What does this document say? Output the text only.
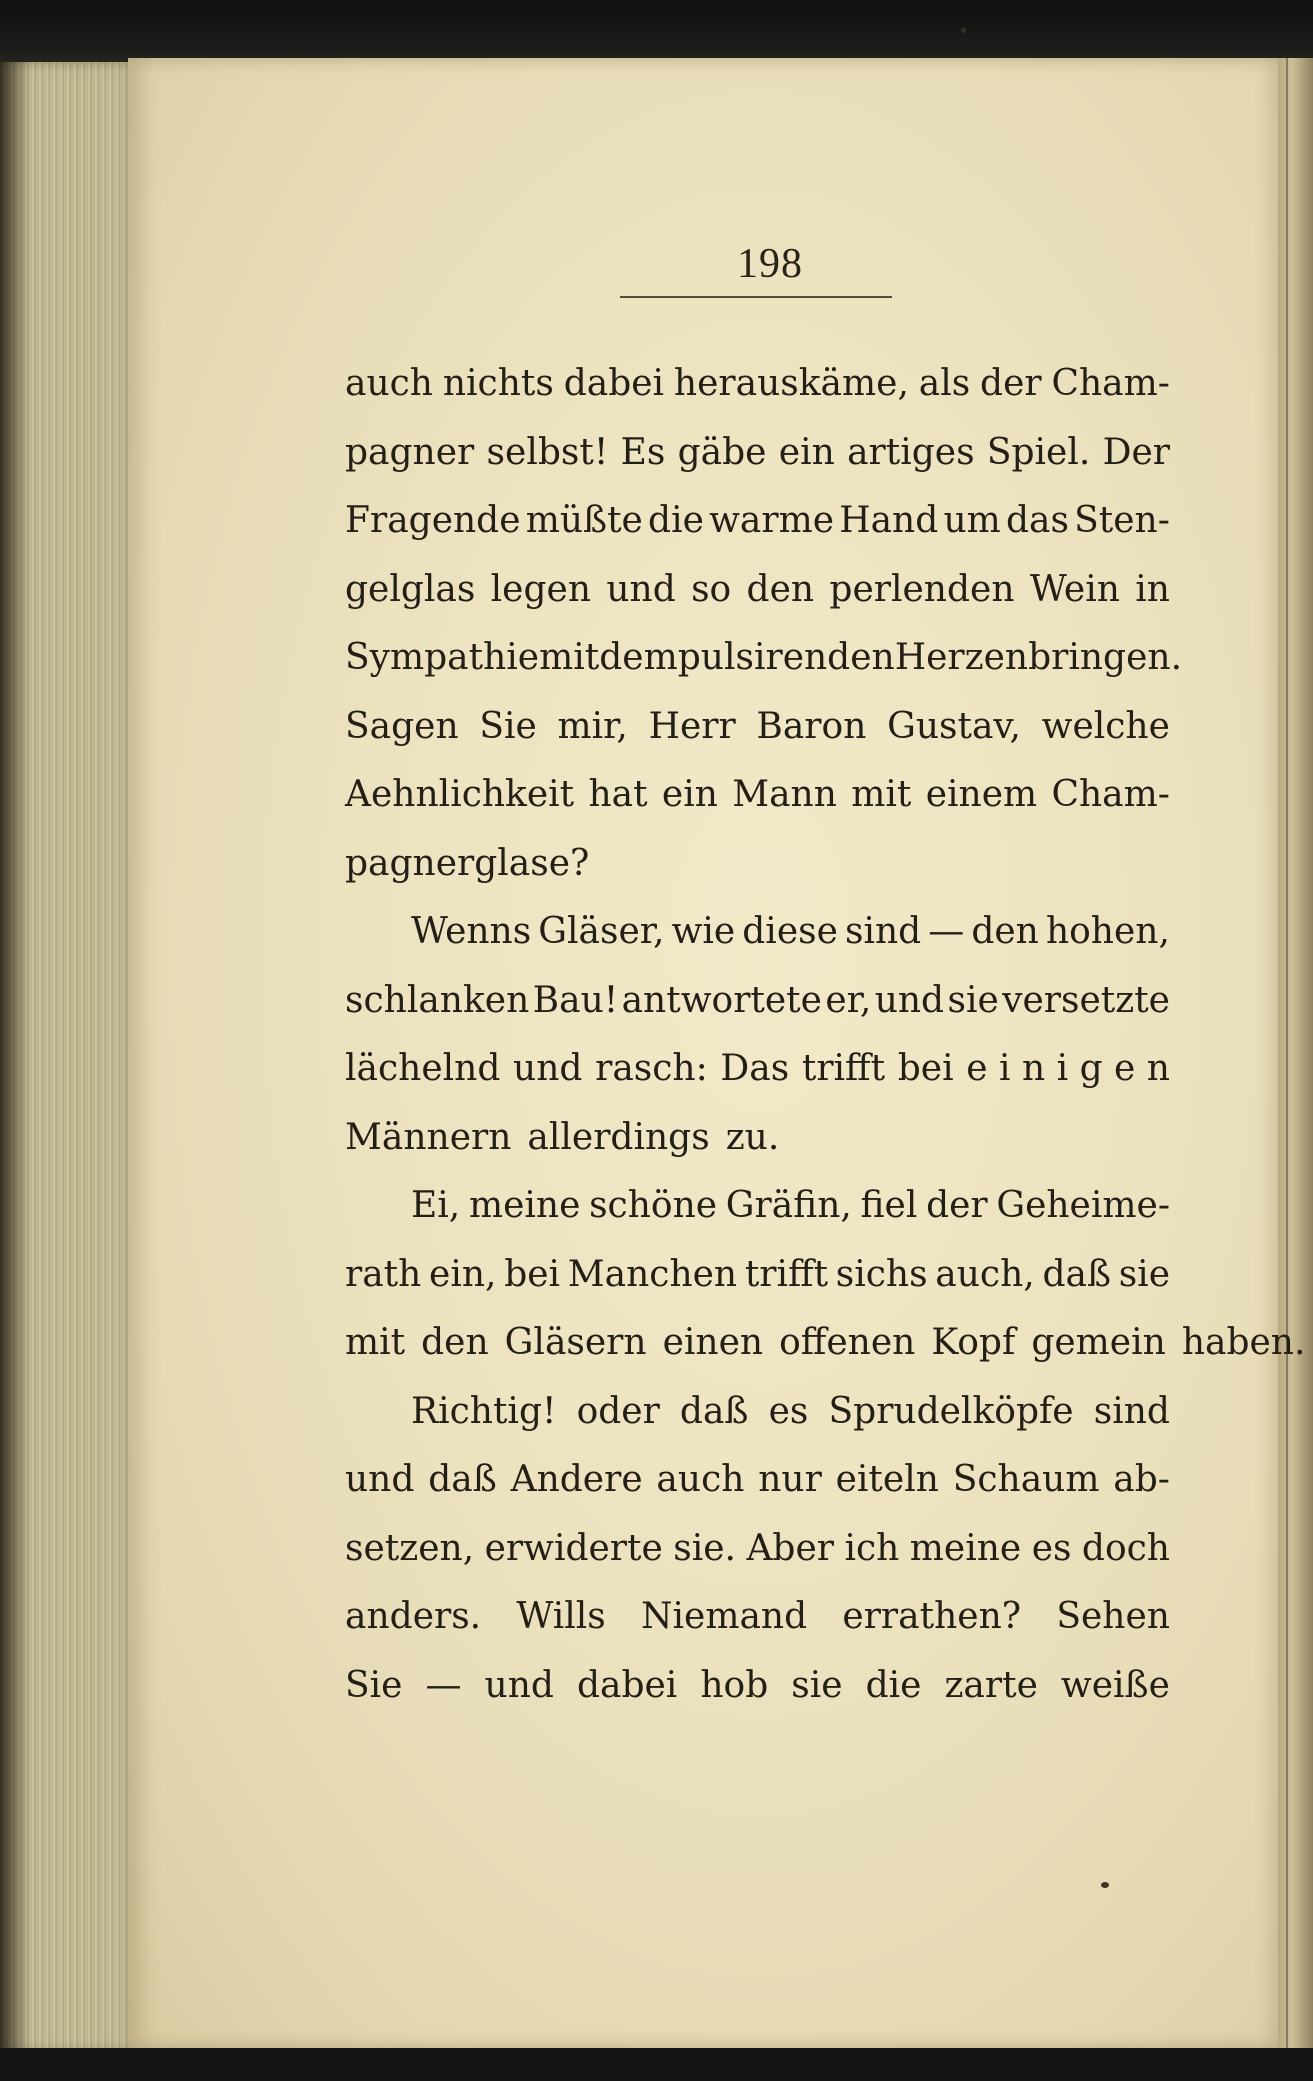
198
auch nichts dabei herauskäme, als der Cham-
pagner selbst! Es gäbe ein artiges Spiel. Der
Fragende müßte die warme Hand um das Sten-
gelglas legen und so den perlenden Wein in
Sympathie mit dem pulsirenden Herzen bringen.
Sagen Sie mir, Herr Baron Gustav, welche
Aehnlichkeit hat ein Mann mit einem Cham-
pagnerglase?
Wenns Gläser, wie diese sind — den hohen,
schlanken Bau! antwortete er, und sie versetzte
lächelnd und rasch: Das trifft bei e i n i g e n
Männern allerdings zu.
Ei, meine schöne Gräfin, fiel der Geheime-
rath ein, bei Manchen trifft sichs auch, daß sie
mit den Gläsern einen offenen Kopf gemein haben.
Richtig! oder daß es Sprudelköpfe sind
und daß Andere auch nur eiteln Schaum ab-
setzen, erwiderte sie. Aber ich meine es doch
anders. Wills Niemand errathen? Sehen
Sie — und dabei hob sie die zarte weiße
